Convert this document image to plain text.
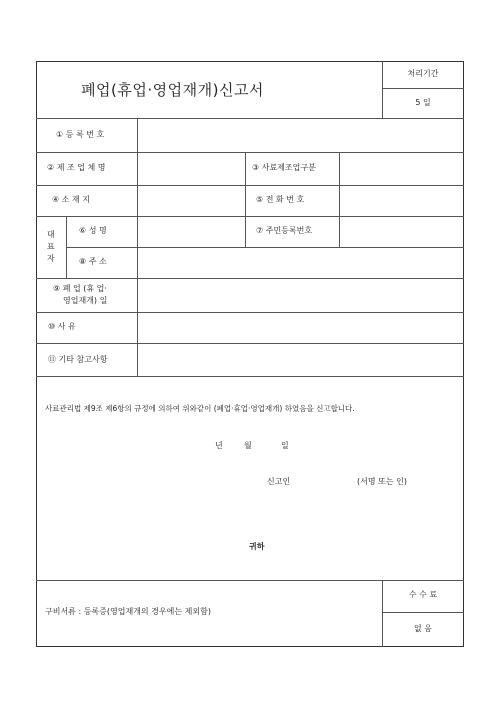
폐업(휴업·영업재개)신고서
처리기간
5 일
① 등 록 번 호
② 제 조 업 체 명	③ 사료제조업구분
④ 소 재 지	⑤ 전 화 번 호
대
표
자
⑥ 성 명	⑦ 주민등록번호
⑧ 주 소
⑨ 폐 업 (휴 업·
영업재개) 일
⑩ 사 유
⑪ 기타 참고사항
사료관리법 제9조 제6항의 규정에 의하여 위와같이 (폐업·휴업·영업재개) 하였음을 신고합니다.
년	월	일
신고인	(서명 또는 인)
귀하
구비서류 : 등록증(영업재개의 경우에는 제외함)
수 수 료
없 음
